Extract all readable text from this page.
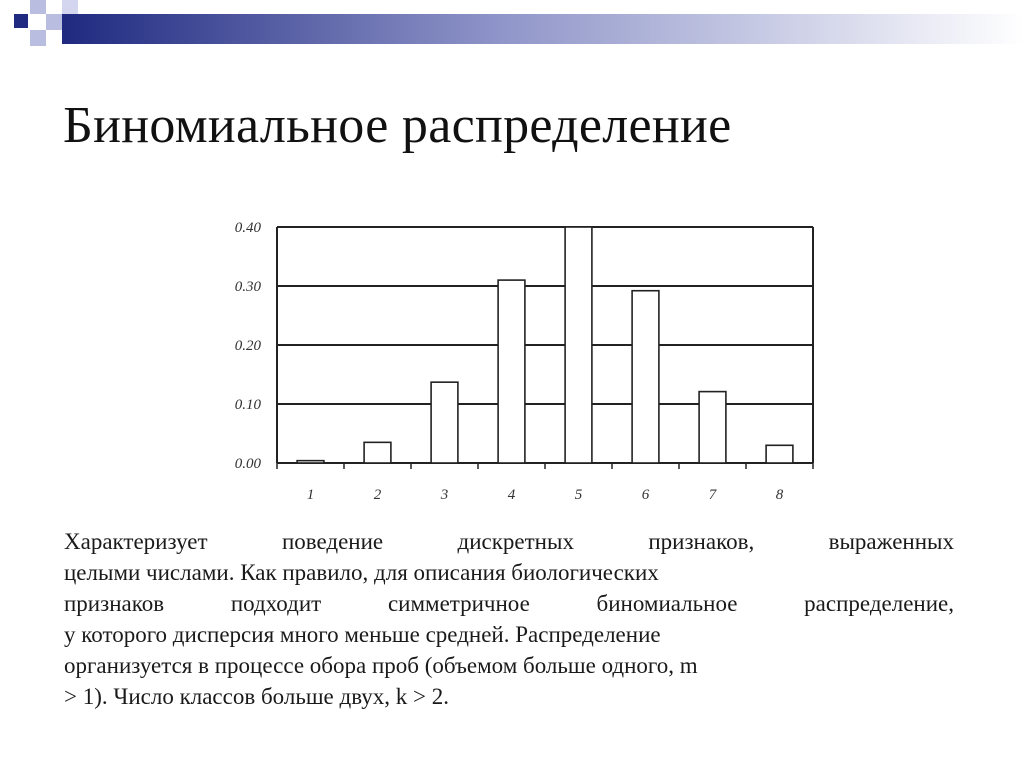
Биномиальное распределение
0.00
0.10
0.20
0.30
0.40
1	2	3	4	5	6	7	8
Характеризует поведение дискретных признаков, выраженных
целыми числами. Как правило, для описания биологических
признаков подходит симметричное биномиальное распределение,
у которого дисперсия много меньше средней. Распределение
организуется в процессе обора проб (объемом больше одного, m
> 1). Число классов больше двух, k > 2.
